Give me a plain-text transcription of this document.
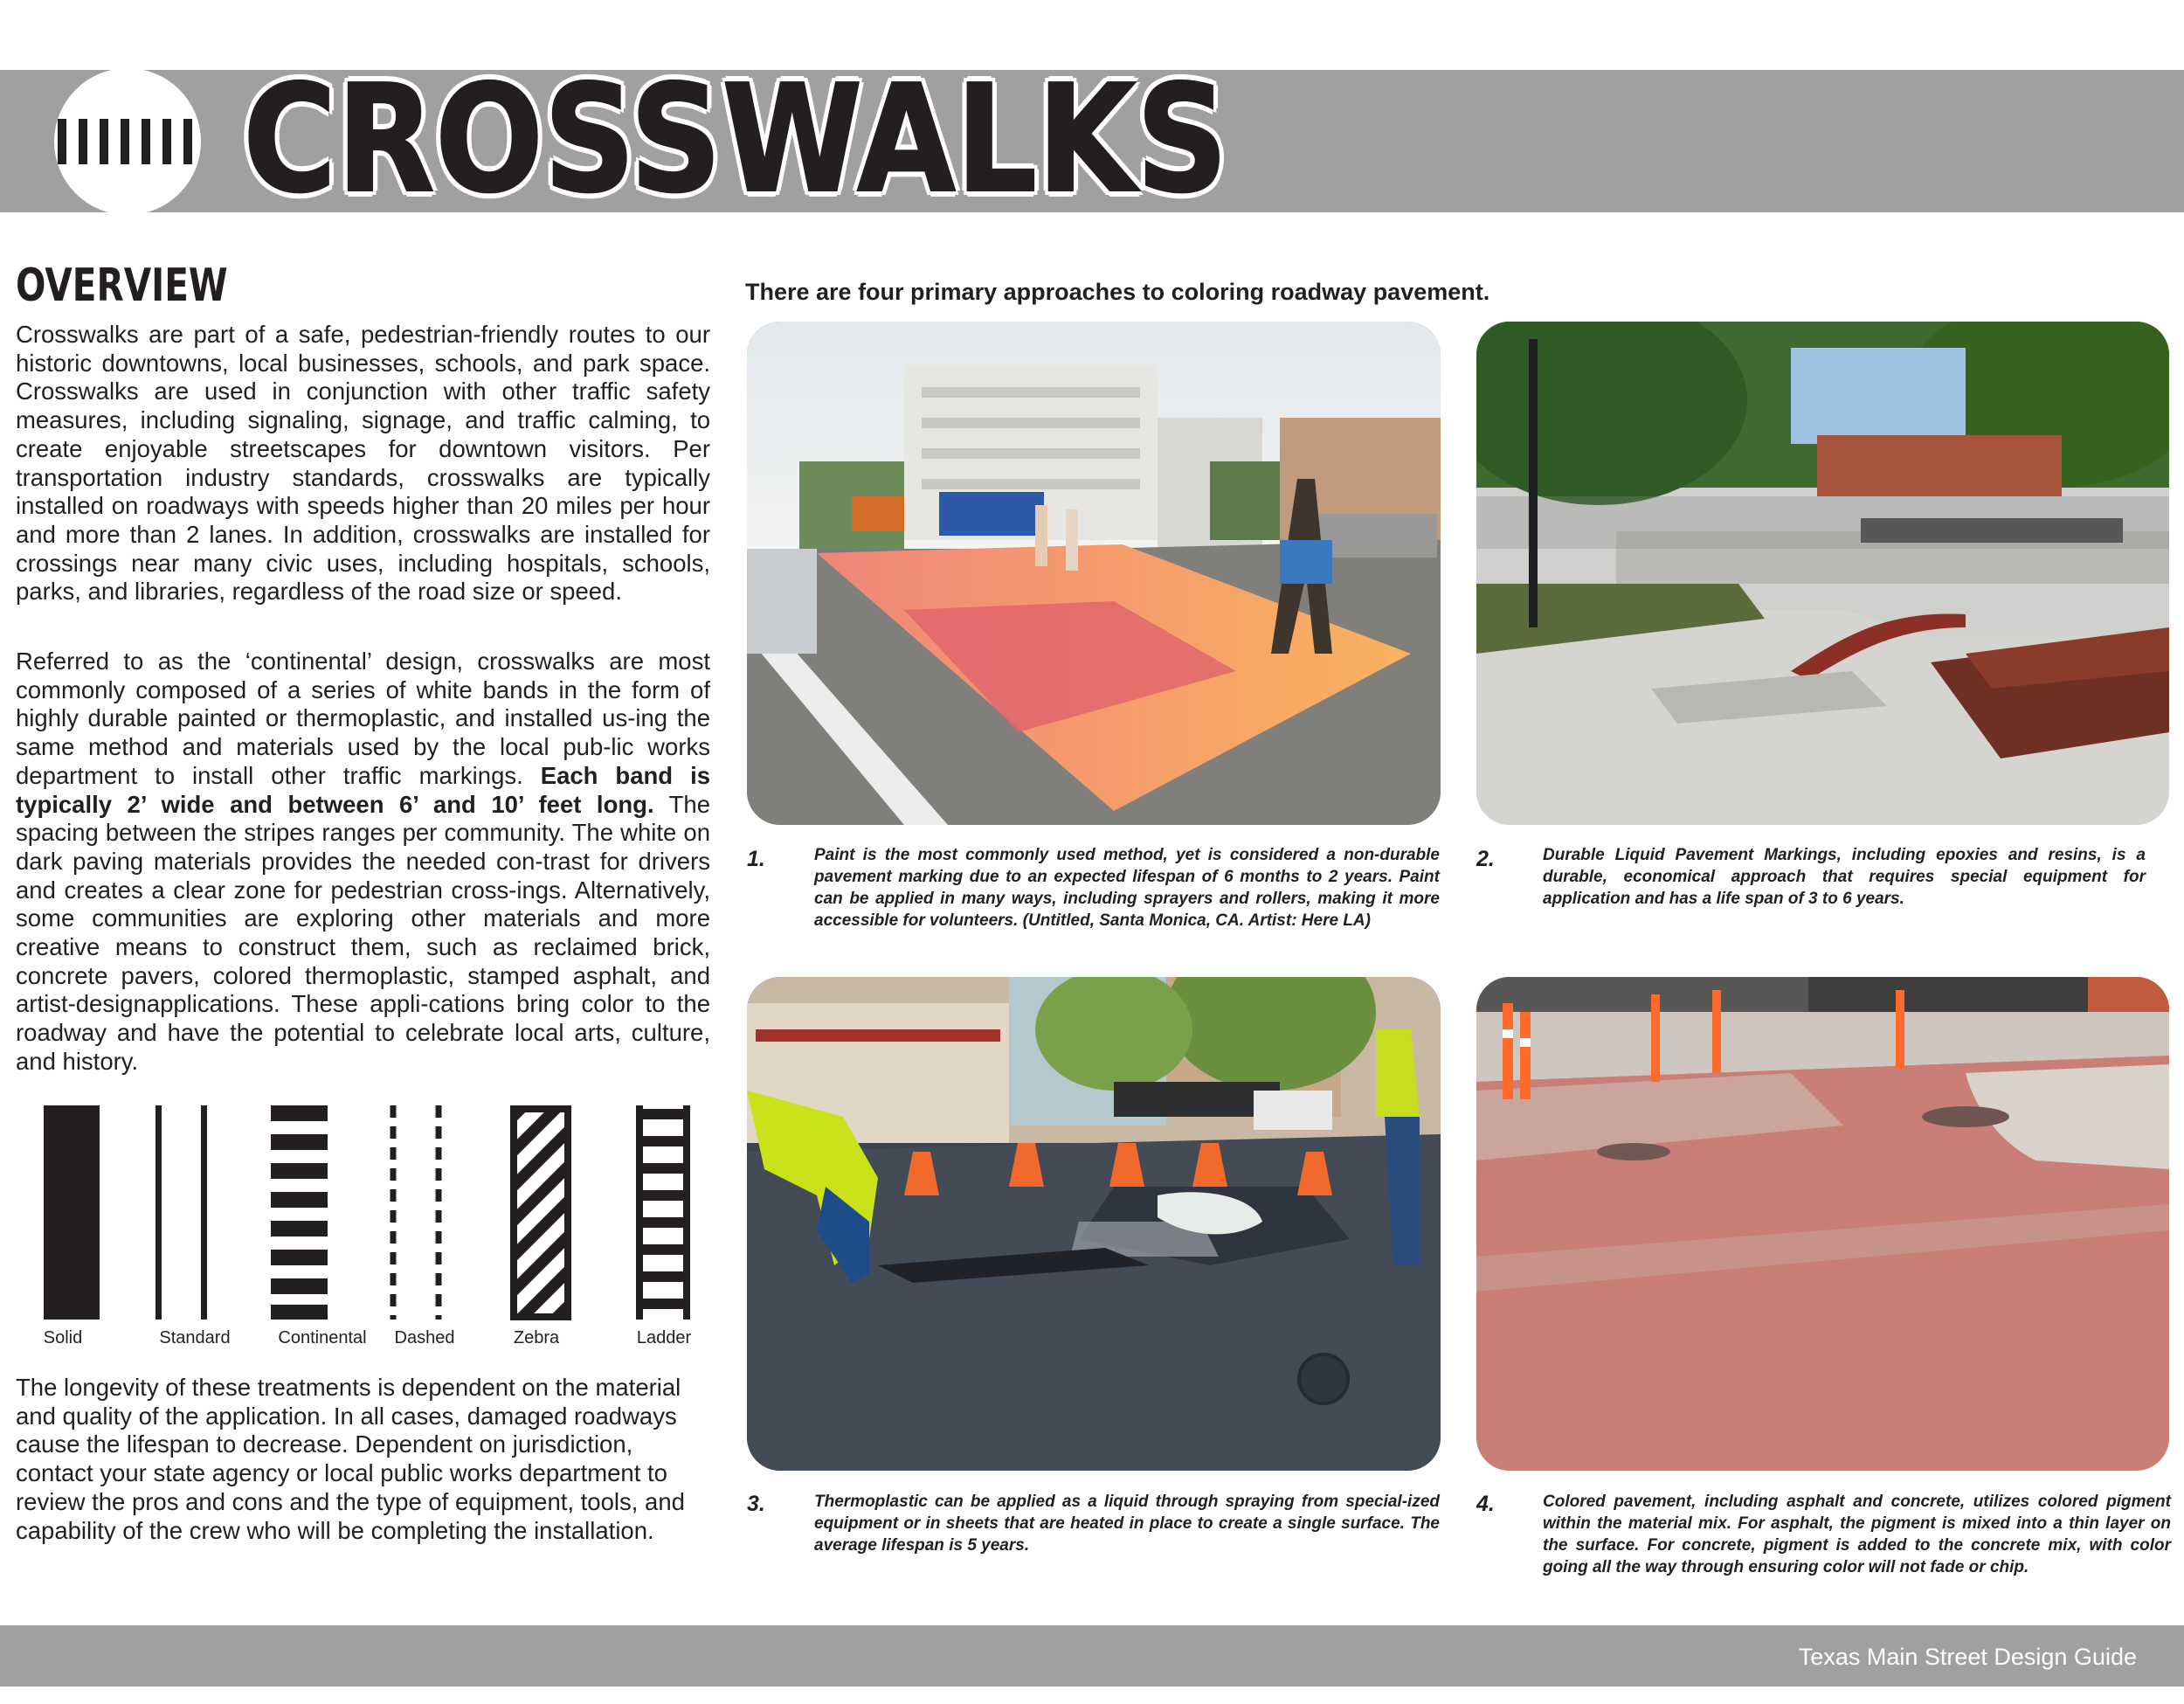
CROSSWALKS
OVERVIEW
Crosswalks are part of a safe, pedestrian-friendly routes to our historic downtowns, local businesses, schools, and park space. Crosswalks are used in conjunction with other traffic safety measures, including signaling, signage, and traffic calming, to create enjoyable streetscapes for downtown visitors. Per transportation industry standards, crosswalks are typically installed on roadways with speeds higher than 20 miles per hour and more than 2 lanes. In addition, crosswalks are installed for crossings near many civic uses, including hospitals, schools, parks, and libraries, regardless of the road size or speed.
Referred to as the ‘continental’ design, crosswalks are most commonly composed of a series of white bands in the form of highly durable painted or thermoplastic, and installed us-ing the same method and materials used by the local pub-lic works department to install other traffic markings. Each band is typically 2’ wide and between 6’ and 10’ feet long. The spacing between the stripes ranges per community. The white on dark paving materials provides the needed con-trast for drivers and creates a clear zone for pedestrian cross-ings. Alternatively, some communities are exploring other materials and more creative means to construct them, such as reclaimed brick, concrete pavers, colored thermoplastic, stamped asphalt, and artist-designapplications. These appli-cations bring color to the roadway and have the potential to celebrate local arts, culture, and history.
Solid	Standard	Continental	Dashed	Zebra	Ladder
The longevity of these treatments is dependent on the material and quality of the application. In all cases, damaged roadways cause the lifespan to decrease. Dependent on jurisdiction, contact your state agency or local public works department to review the pros and cons and the type of equipment, tools, and capability of the crew who will be completing the installation.
There are four primary approaches to coloring roadway pavement.
1.	Paint is the most commonly used method, yet is considered a non-durable pavement marking due to an expected lifespan of 6 months to 2 years. Paint can be applied in many ways, including sprayers and rollers, making it more accessible for volunteers. (Untitled, Santa Monica, CA. Artist: Here LA)
2.	Durable Liquid Pavement Markings, including epoxies and resins, is a durable, economical approach that requires special equipment for application and has a life span of 3 to 6 years.
3.	Thermoplastic can be applied as a liquid through spraying from special-ized equipment or in sheets that are heated in place to create a single surface. The average lifespan is 5 years.
4.	Colored pavement, including asphalt and concrete, utilizes colored pigment within the material mix. For asphalt, the pigment is mixed into a thin layer on the surface. For concrete, pigment is added to the concrete mix, with color going all the way through ensuring color will not fade or chip.
Texas Main Street Design Guide
